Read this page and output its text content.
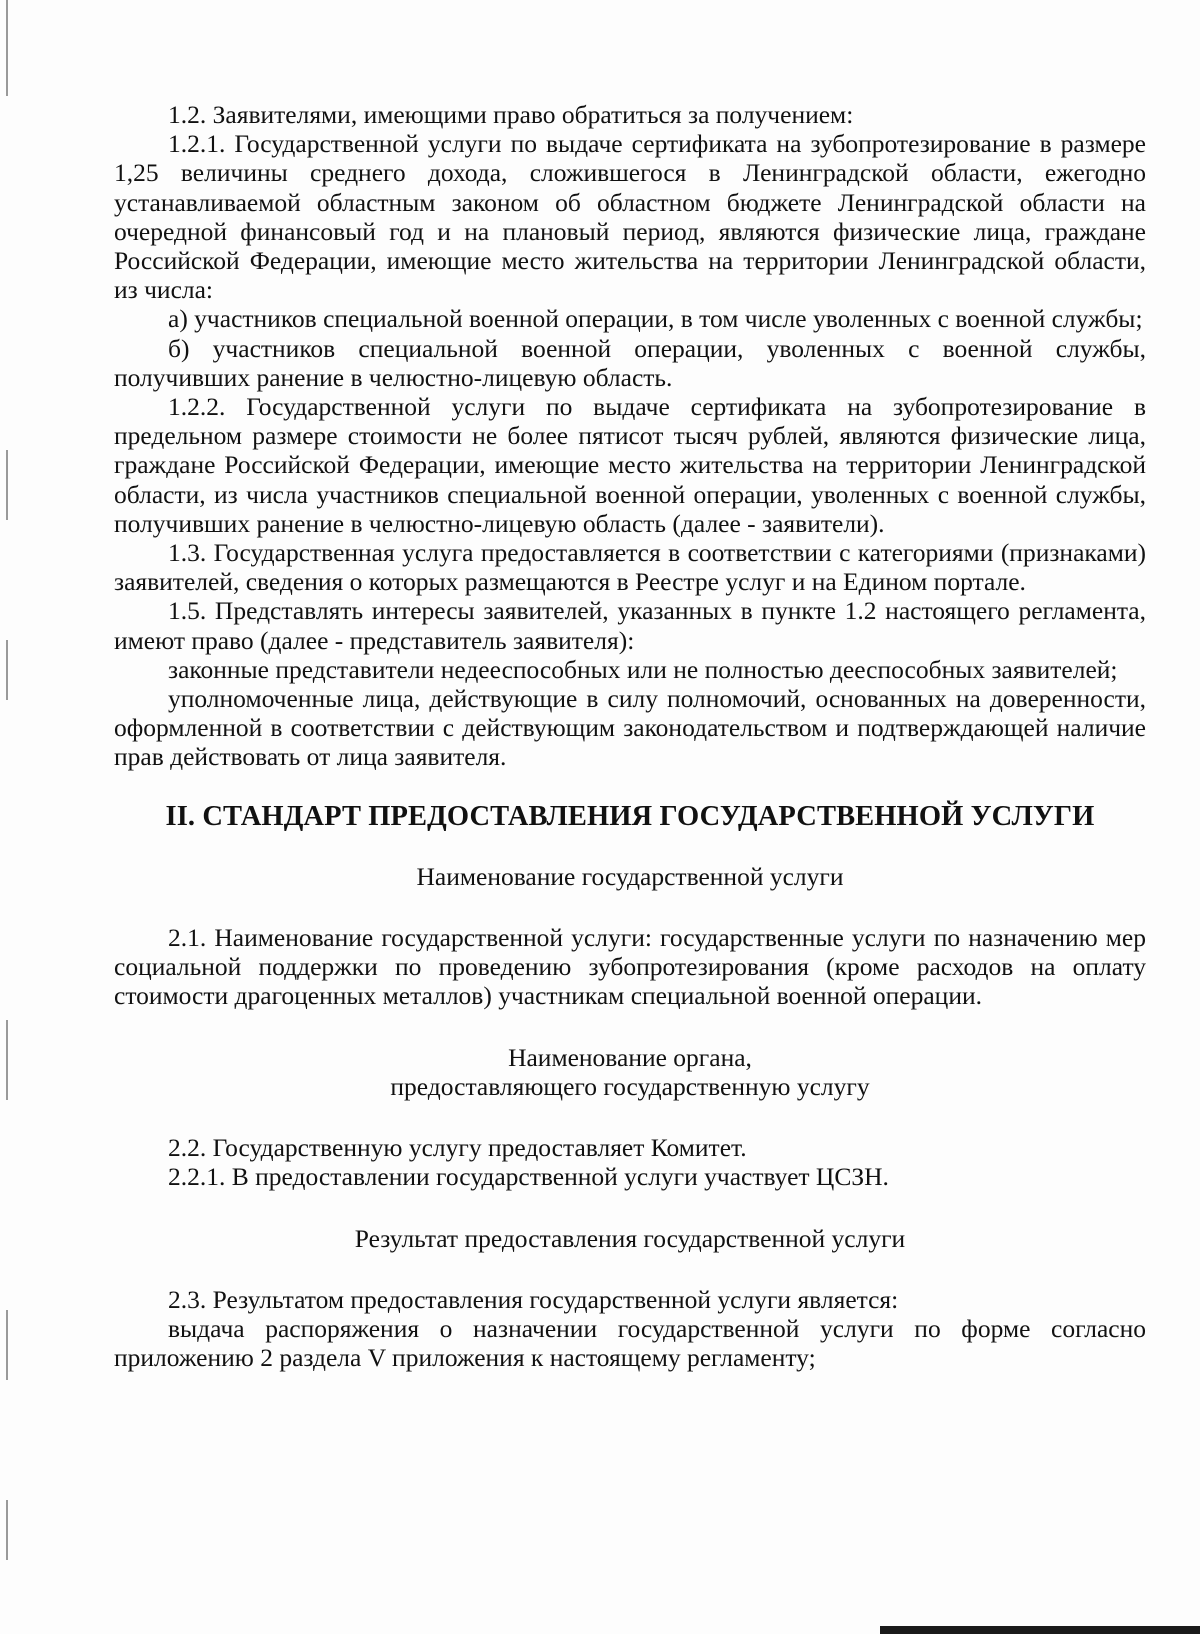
1.2. Заявителями, имеющими право обратиться за получением:

1.2.1. Государственной услуги по выдаче сертификата на зубопротезирование в размере 1,25 величины среднего дохода, сложившегося в Ленинградской области, ежегодно устанавливаемой областным законом об областном бюджете Ленинградской области на очередной финансовый год и на плановый период, являются физические лица, граждане Российской Федерации, имеющие место жительства на территории Ленинградской области, из числа:

а) участников специальной военной операции, в том числе уволенных с военной службы;

б) участников специальной военной операции, уволенных с военной службы, получивших ранение в челюстно-лицевую область.

1.2.2. Государственной услуги по выдаче сертификата на зубопротезирование в предельном размере стоимости не более пятисот тысяч рублей, являются физические лица, граждане Российской Федерации, имеющие место жительства на территории Ленинградской области, из числа участников специальной военной операции, уволенных с военной службы, получивших ранение в челюстно-лицевую область (далее - заявители).

1.3. Государственная услуга предоставляется в соответствии с категориями (признаками) заявителей, сведения о которых размещаются в Реестре услуг и на Едином портале.

1.5. Представлять интересы заявителей, указанных в пункте 1.2 настоящего регламента, имеют право (далее - представитель заявителя):

законные представители недееспособных или не полностью дееспособных заявителей;

уполномоченные лица, действующие в силу полномочий, основанных на доверенности, оформленной в соответствии с действующим законодательством и подтверждающей наличие прав действовать от лица заявителя.

II. СТАНДАРТ ПРЕДОСТАВЛЕНИЯ ГОСУДАРСТВЕННОЙ УСЛУГИ

Наименование государственной услуги

2.1. Наименование государственной услуги: государственные услуги по назначению мер социальной поддержки по проведению зубопротезирования (кроме расходов на оплату стоимости драгоценных металлов) участникам специальной военной операции.

Наименование органа,

предоставляющего государственную услугу

2.2. Государственную услугу предоставляет Комитет.

2.2.1. В предоставлении государственной услуги участвует ЦСЗН.

Результат предоставления государственной услуги

2.3. Результатом предоставления государственной услуги является:

выдача распоряжения о назначении государственной услуги по форме согласно приложению 2 раздела V приложения к настоящему регламенту;
